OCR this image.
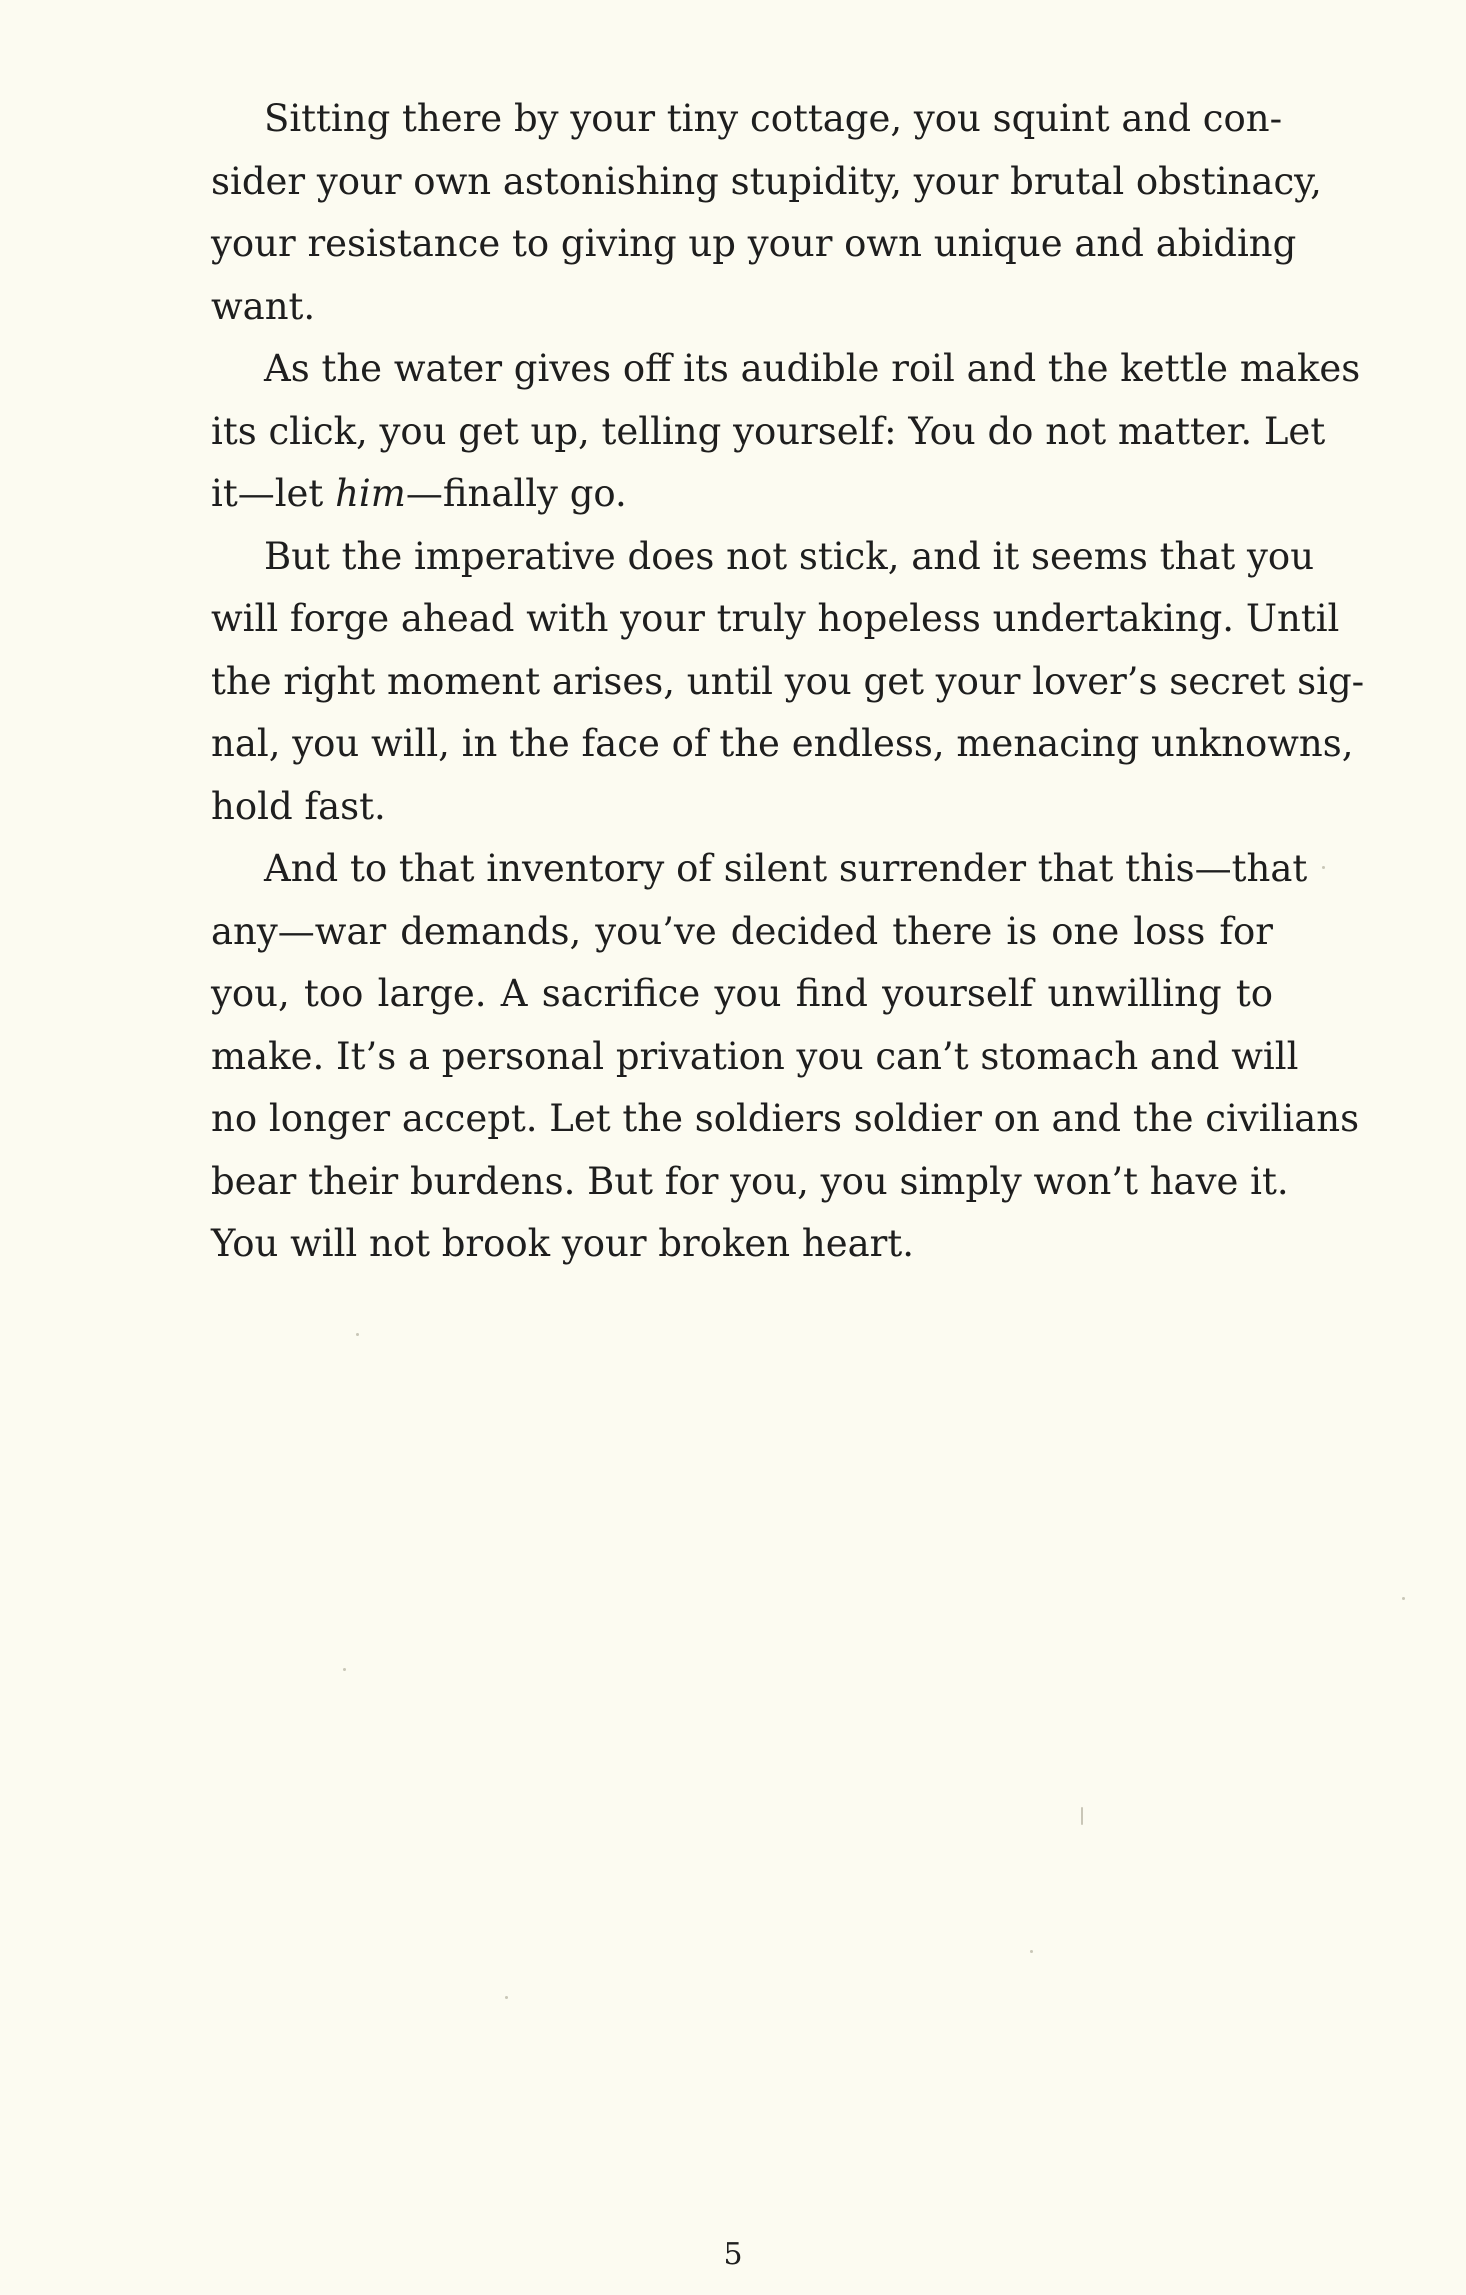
Sitting there by your tiny cottage, you squint and con-
sider your own astonishing stupidity, your brutal obstinacy,
your resistance to giving up your own unique and abiding
want.

As the water gives off its audible roil and the kettle makes
its click, you get up, telling yourself: You do not matter. Let
it—let him—finally go.

But the imperative does not stick, and it seems that you
will forge ahead with your truly hopeless undertaking. Until
the right moment arises, until you get your lover’s secret sig-
nal, you will, in the face of the endless, menacing unknowns,
hold fast.

And to that inventory of silent surrender that this—that
any—war demands, you’ve decided there is one loss for
you, too large. A sacrifice you find yourself unwilling to
make. It’s a personal privation you can’t stomach and will
no longer accept. Let the soldiers soldier on and the civilians
bear their burdens. But for you, you simply won’t have it.
You will not brook your broken heart.

5
